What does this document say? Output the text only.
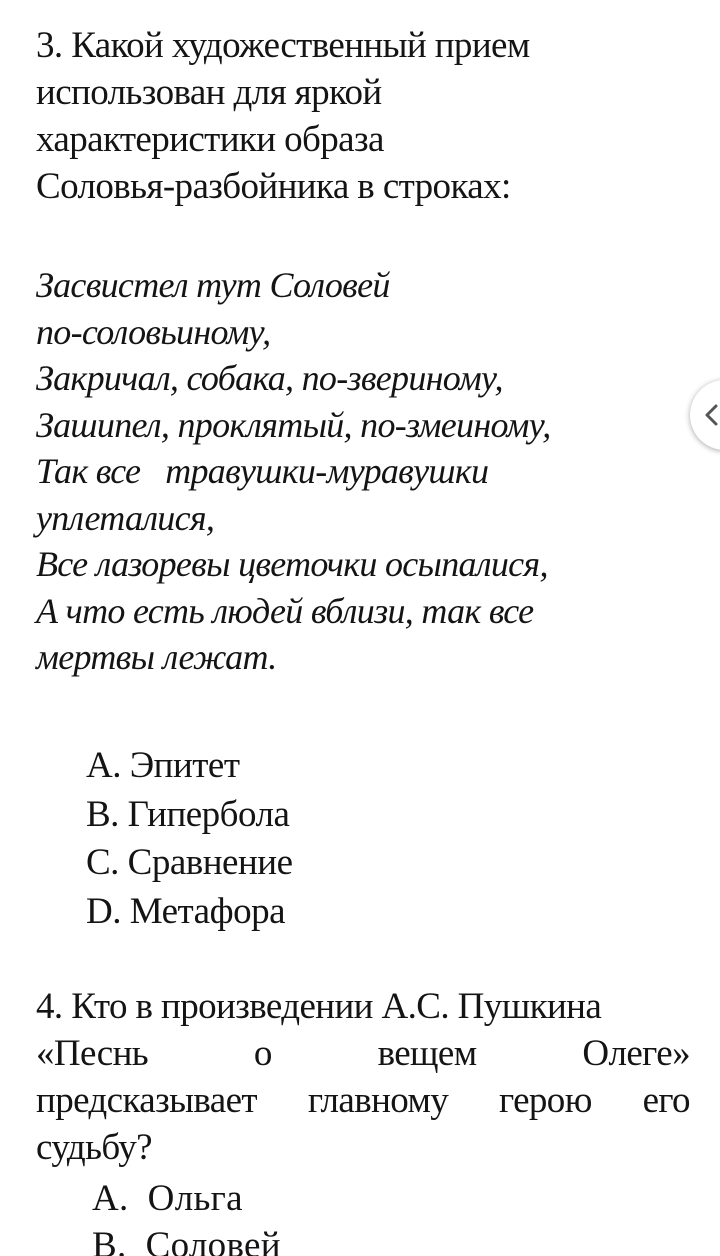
3. Какой художественный прием
использован для яркой
характеристики образа
Соловья-разбойника в строках:
Засвистел тут Соловей
по-соловьиному,
Закричал, собака, по-звериному,
Зашипел, проклятый, по-змеиному,
Так все   травушки-муравушки
уплеталися,
Все лазоревы цветочки осыпалися,
А что есть людей вблизи, так все
мертвы лежат.
A. Эпитет
B. Гипербола
C. Сравнение
D. Метафора
4. Кто в произведении А.С. Пушкина
«Песнь	о	вещем	Олеге»
предсказывает главному герою его
судьбу?
A.  Ольга
B.  Соловей
